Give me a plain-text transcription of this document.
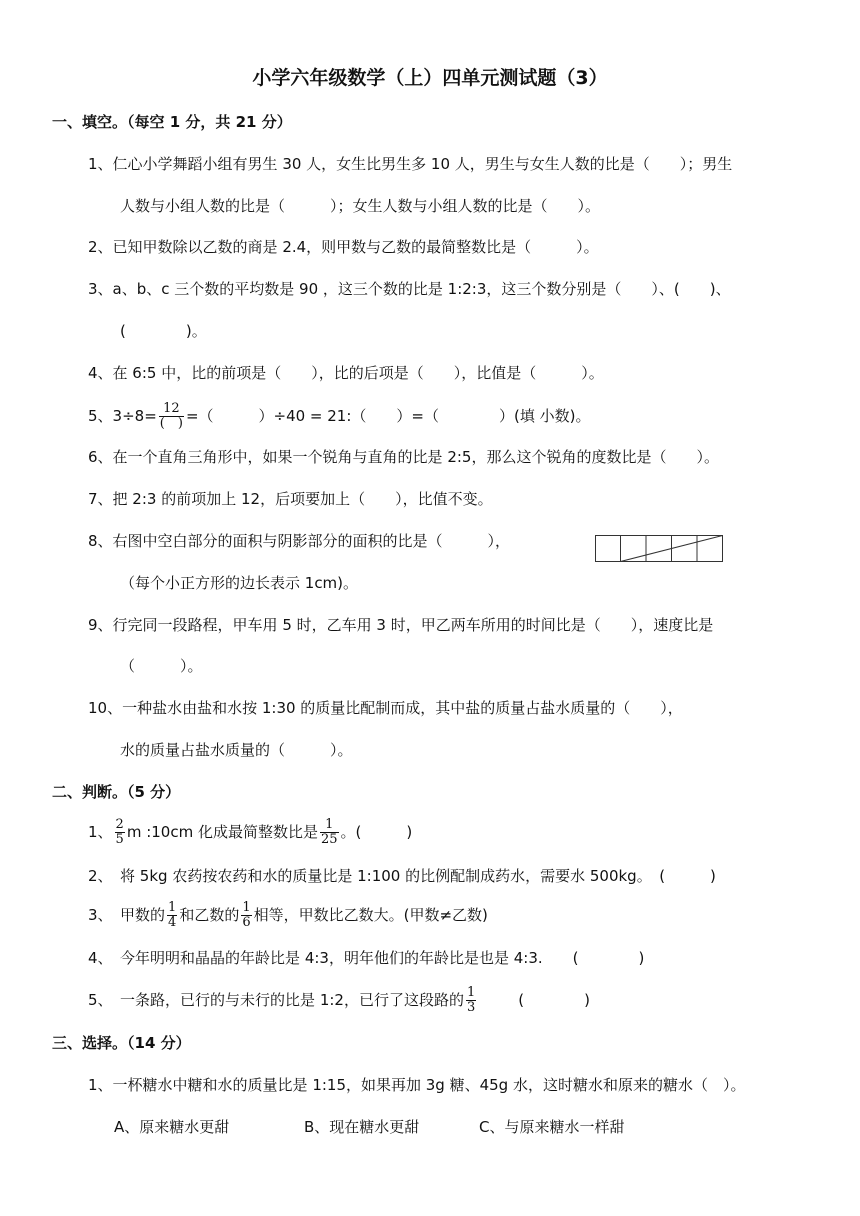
小学六年级数学（上）四单元测试题（3）
一、填空。（每空 1 分，共 21 分）
1、仁心小学舞蹈小组有男生 30 人，女生比男生多 10 人，男生与女生人数的比是（　　）；男生
人数与小组人数的比是（　　　）；女生人数与小组人数的比是（　　）。
2、已知甲数除以乙数的商是 2.4，则甲数与乙数的最简整数比是（　　　）。
3、a、b、c 三个数的平均数是 90 ，这三个数的比是 1:2:3，这三个数分别是（　　）、(　　)、
(　　　　)。
4、在 6:5 中，比的前项是（　　），比的后项是（　　），比值是（　　　）。
5、$3\div 8= \frac{12}{( )}$ =（　　　）÷40 = 21:（　　）=（　　　　）(填 小数)。
6、在一个直角三角形中，如果一个锐角与直角的比是 2:5，那么这个锐角的度数比是（　　）。
7、把 2:3 的前项加上 12，后项要加上（　　），比值不变。
8、右图中空白部分的面积与阴影部分的面积的比是（　　　），
（每个小正方形的边长表示 1cm)。
9、行完同一段路程，甲车用 5 时，乙车用 3 时，甲乙两车所用的时间比是（　　），速度比是
（　　　）。
10、一种盐水由盐和水按 1:30 的质量比配制而成，其中盐的质量占盐水质量的（　　），
水的质量占盐水质量的（　　　）。
二、判断。（5 分）
1、 $\frac{2}{5}$ m :10cm 化成最简整数比是 $\frac{1}{25}$ 。(　　　)
2、　将 5kg 农药按农药和水的质量比是 1:100 的比例配制成药水，需要水 500kg。　(　　　)
3、　甲数的 $\frac{1}{4}$ 和乙数的 $\frac{1}{6}$ 相等，甲数比乙数大。(甲数≠乙数)
4、　今年明明和晶晶的年龄比是 4:3，明年他们的年龄比是也是 4:3.　　(　　　　)
5、　一条路，已行的与未行的比是 1:2，已行了这段路的 $\frac{1}{3}$	(　　　　)
三、选择。（14 分）
1、一杯糖水中糖和水的质量比是 1:15，如果再加 3g 糖、45g 水，这时糖水和原来的糖水（　）。
A、原来糖水更甜	B、现在糖水更甜	C、与原来糖水一样甜
